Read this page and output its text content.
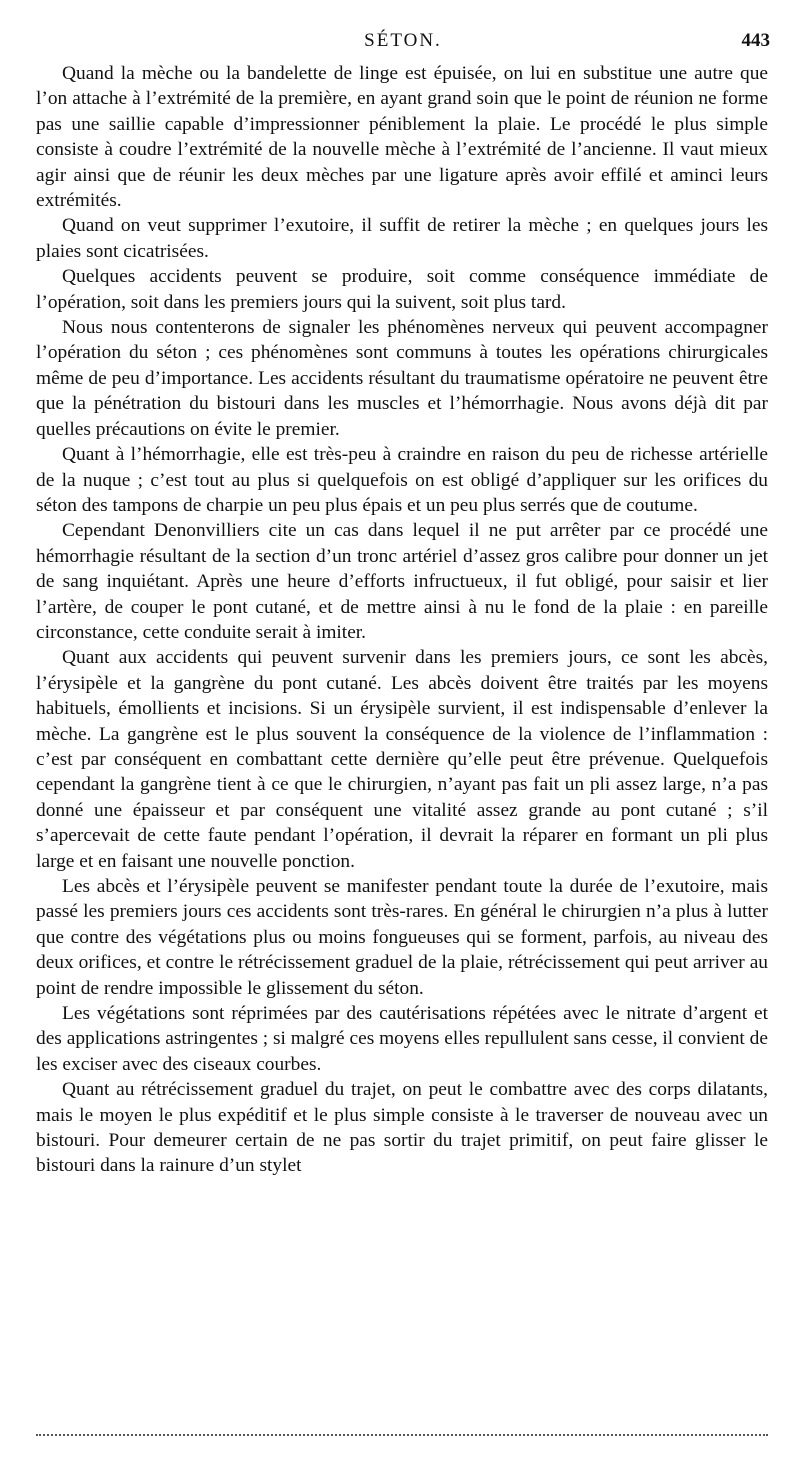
SÉTON.	443

Quand la mèche ou la bandelette de linge est épuisée, on lui en substitue une autre que l’on attache à l’extrémité de la première, en ayant grand soin que le point de réunion ne forme pas une saillie capable d’impressionner péniblement la plaie. Le procédé le plus simple consiste à coudre l’extrémité de la nouvelle mèche à l’extrémité de l’ancienne. Il vaut mieux agir ainsi que de réunir les deux mèches par une ligature après avoir effilé et aminci leurs extrémités.

Quand on veut supprimer l’exutoire, il suffit de retirer la mèche ; en quelques jours les plaies sont cicatrisées.

Quelques accidents peuvent se produire, soit comme conséquence immédiate de l’opération, soit dans les premiers jours qui la suivent, soit plus tard.

Nous nous contenterons de signaler les phénomènes nerveux qui peuvent accompagner l’opération du séton ; ces phénomènes sont communs à toutes les opérations chirurgicales même de peu d’importance. Les accidents résultant du traumatisme opératoire ne peuvent être que la pénétration du bistouri dans les muscles et l’hémorrhagie. Nous avons déjà dit par quelles précautions on évite le premier.

Quant à l’hémorrhagie, elle est très-peu à craindre en raison du peu de richesse artérielle de la nuque ; c’est tout au plus si quelquefois on est obligé d’appliquer sur les orifices du séton des tampons de charpie un peu plus épais et un peu plus serrés que de coutume.

Cependant Denonvilliers cite un cas dans lequel il ne put arrêter par ce procédé une hémorrhagie résultant de la section d’un tronc artériel d’assez gros calibre pour donner un jet de sang inquiétant. Après une heure d’efforts infructueux, il fut obligé, pour saisir et lier l’artère, de couper le pont cutané, et de mettre ainsi à nu le fond de la plaie : en pareille circonstance, cette conduite serait à imiter.

Quant aux accidents qui peuvent survenir dans les premiers jours, ce sont les abcès, l’érysipèle et la gangrène du pont cutané. Les abcès doivent être traités par les moyens habituels, émollients et incisions. Si un érysipèle survient, il est indispensable d’enlever la mèche. La gangrène est le plus souvent la conséquence de la violence de l’inflammation : c’est par conséquent en combattant cette dernière qu’elle peut être prévenue. Quelquefois cependant la gangrène tient à ce que le chirurgien, n’ayant pas fait un pli assez large, n’a pas donné une épaisseur et par conséquent une vitalité assez grande au pont cutané ; s’il s’apercevait de cette faute pendant l’opération, il devrait la réparer en formant un pli plus large et en faisant une nouvelle ponction.

Les abcès et l’érysipèle peuvent se manifester pendant toute la durée de l’exutoire, mais passé les premiers jours ces accidents sont très-rares. En général le chirurgien n’a plus à lutter que contre des végétations plus ou moins fongueuses qui se forment, parfois, au niveau des deux orifices, et contre le rétrécissement graduel de la plaie, rétrécissement qui peut arriver au point de rendre impossible le glissement du séton.

Les végétations sont réprimées par des cautérisations répétées avec le nitrate d’argent et des applications astringentes ; si malgré ces moyens elles repullulent sans cesse, il convient de les exciser avec des ciseaux courbes.

Quant au rétrécissement graduel du trajet, on peut le combattre avec des corps dilatants, mais le moyen le plus expéditif et le plus simple consiste à le traverser de nouveau avec un bistouri. Pour demeurer certain de ne pas sortir du trajet primitif, on peut faire glisser le bistouri dans la rainure d’un stylet
